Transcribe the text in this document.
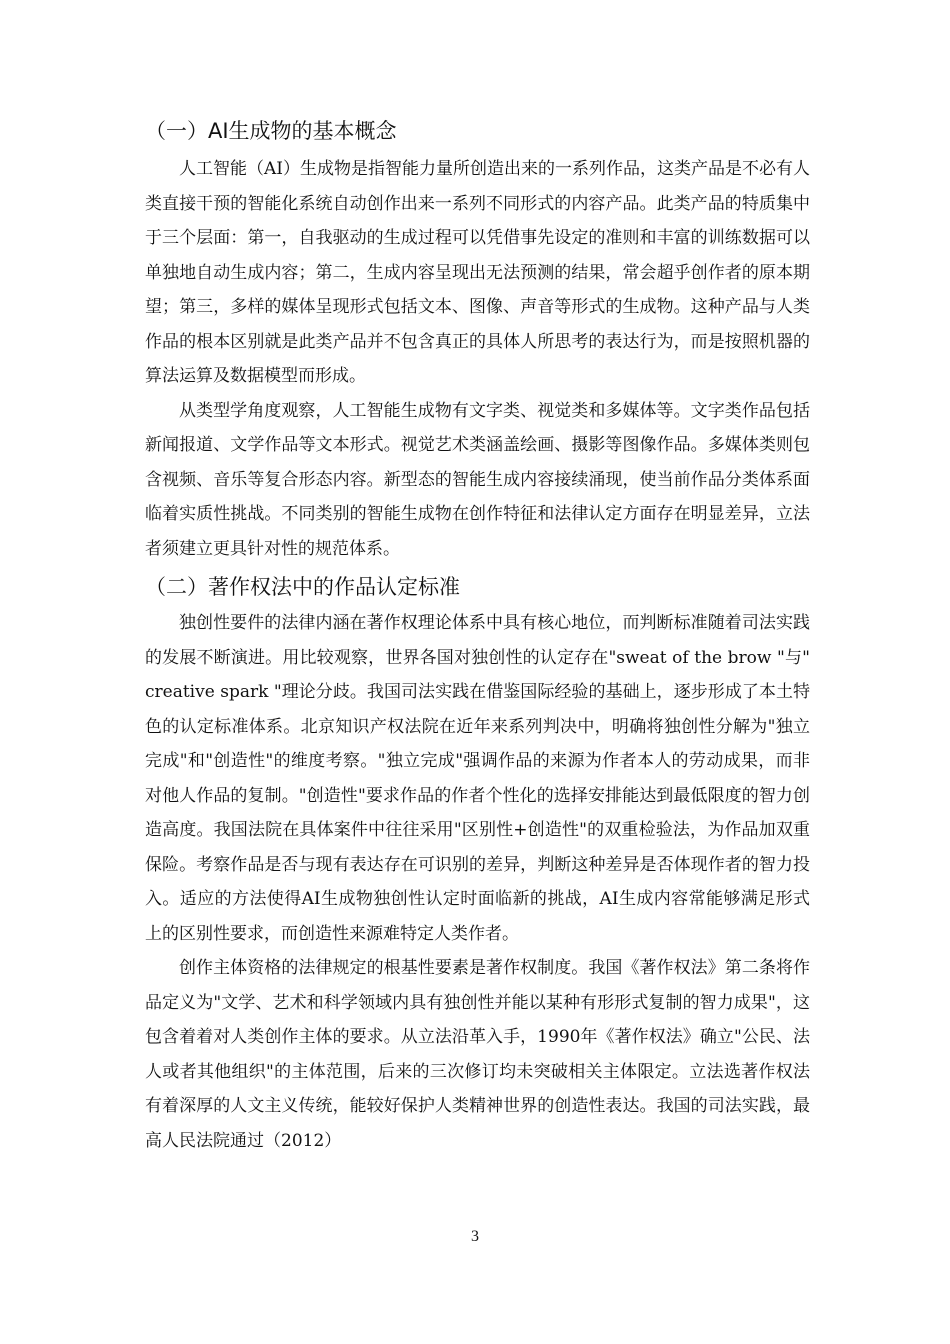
（一）AI生成物的基本概念

人工智能（AI）生成物是指智能力量所创造出来的一系列作品，这类产品是不必有人类直接干预的智能化系统自动创作出来一系列不同形式的内容产品。此类产品的特质集中于三个层面：第一，自我驱动的生成过程可以凭借事先设定的准则和丰富的训练数据可以单独地自动生成内容；第二，生成内容呈现出无法预测的结果，常会超乎创作者的原本期望；第三，多样的媒体呈现形式包括文本、图像、声音等形式的生成物。这种产品与人类作品的根本区别就是此类产品并不包含真正的具体人所思考的表达行为，而是按照机器的算法运算及数据模型而形成。

从类型学角度观察，人工智能生成物有文字类、视觉类和多媒体等。文字类作品包括新闻报道、文学作品等文本形式。视觉艺术类涵盖绘画、摄影等图像作品。多媒体类则包含视频、音乐等复合形态内容。新型态的智能生成内容接续涌现，使当前作品分类体系面临着实质性挑战。不同类别的智能生成物在创作特征和法律认定方面存在明显差异，立法者须建立更具针对性的规范体系。

（二）著作权法中的作品认定标准

独创性要件的法律内涵在著作权理论体系中具有核心地位，而判断标准随着司法实践的发展不断演进。用比较观察，世界各国对独创性的认定存在"sweat of the brow "与" creative spark "理论分歧。我国司法实践在借鉴国际经验的基础上，逐步形成了本土特色的认定标准体系。北京知识产权法院在近年来系列判决中，明确将独创性分解为"独立完成"和"创造性"的维度考察。"独立完成"强调作品的来源为作者本人的劳动成果，而非对他人作品的复制。"创造性"要求作品的作者个性化的选择安排能达到最低限度的智力创造高度。我国法院在具体案件中往往采用"区别性+创造性"的双重检验法，为作品加双重保险。考察作品是否与现有表达存在可识别的差异，判断这种差异是否体现作者的智力投入。适应的方法使得AI生成物独创性认定时面临新的挑战，AI生成内容常能够满足形式上的区别性要求，而创造性来源难特定人类作者。

创作主体资格的法律规定的根基性要素是著作权制度。我国《著作权法》第二条将作品定义为"文学、艺术和科学领域内具有独创性并能以某种有形形式复制的智力成果"，这包含着着对人类创作主体的要求。从立法沿革入手，1990年《著作权法》确立"公民、法人或者其他组织"的主体范围，后来的三次修订均未突破相关主体限定。立法选著作权法有着深厚的人文主义传统，能较好保护人类精神世界的创造性表达。我国的司法实践，最高人民法院通过（2012）

3
